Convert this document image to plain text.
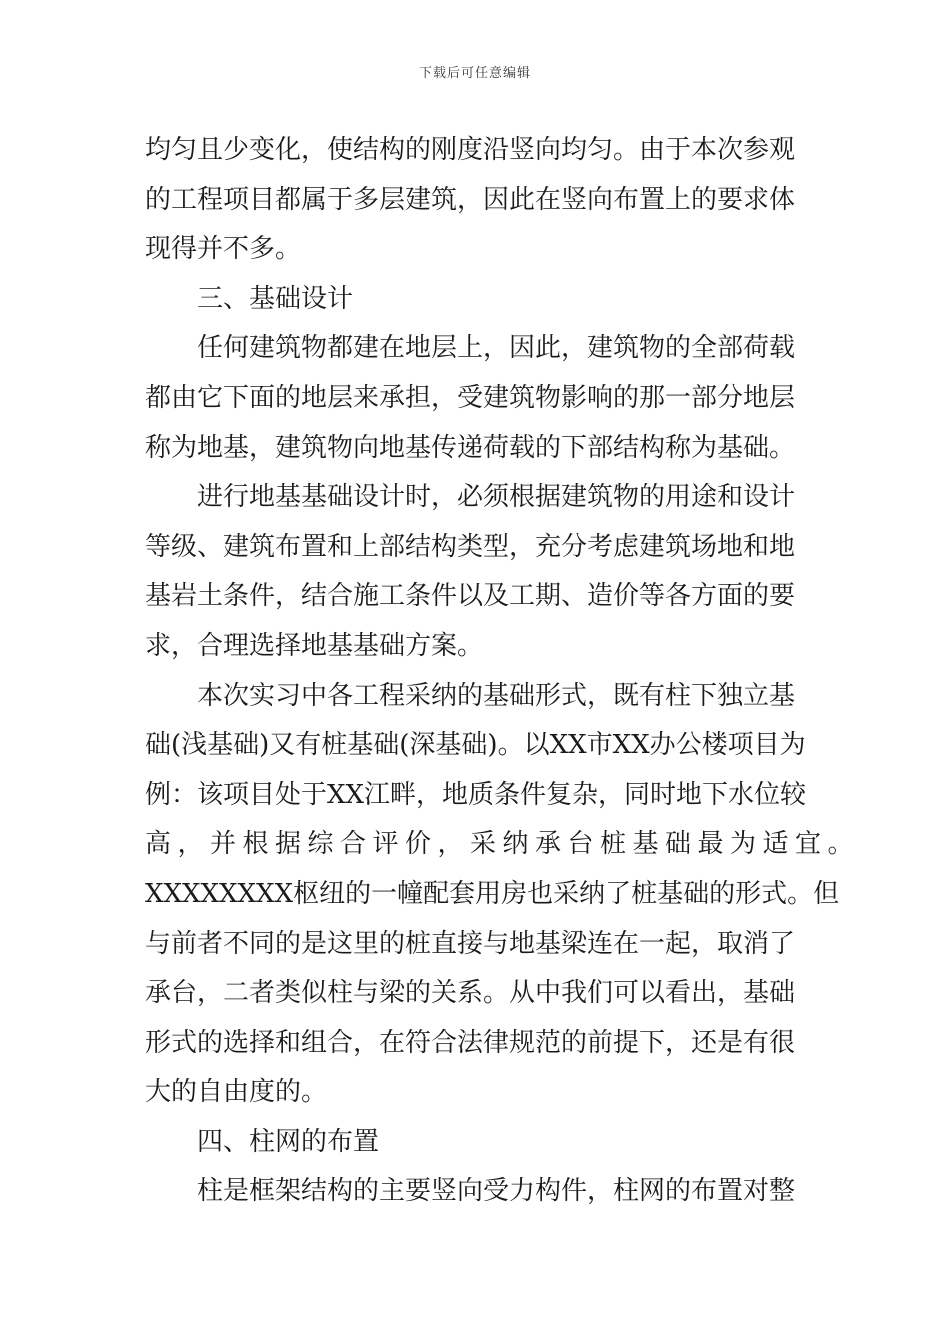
下载后可任意编辑
均匀且少变化，使结构的刚度沿竖向均匀。由于本次参观
的工程项目都属于多层建筑，因此在竖向布置上的要求体
现得并不多。
三、基础设计
任何建筑物都建在地层上，因此，建筑物的全部荷载
都由它下面的地层来承担，受建筑物影响的那一部分地层
称为地基，建筑物向地基传递荷载的下部结构称为基础。
进行地基基础设计时，必须根据建筑物的用途和设计
等级、建筑布置和上部结构类型，充分考虑建筑场地和地
基岩土条件，结合施工条件以及工期、造价等各方面的要
求，合理选择地基基础方案。
本次实习中各工程采纳的基础形式，既有柱下独立基
础(浅基础)又有桩基础(深基础)。以XX市XX办公楼项目为
例：该项目处于XX江畔，地质条件复杂，同时地下水位较
高，并根据综合评价，采纳承台桩基础最为适宜。
XXXXXXXX枢纽的一幢配套用房也采纳了桩基础的形式。但
与前者不同的是这里的桩直接与地基梁连在一起，取消了
承台，二者类似柱与梁的关系。从中我们可以看出，基础
形式的选择和组合，在符合法律规范的前提下，还是有很
大的自由度的。
四、柱网的布置
柱是框架结构的主要竖向受力构件，柱网的布置对整
